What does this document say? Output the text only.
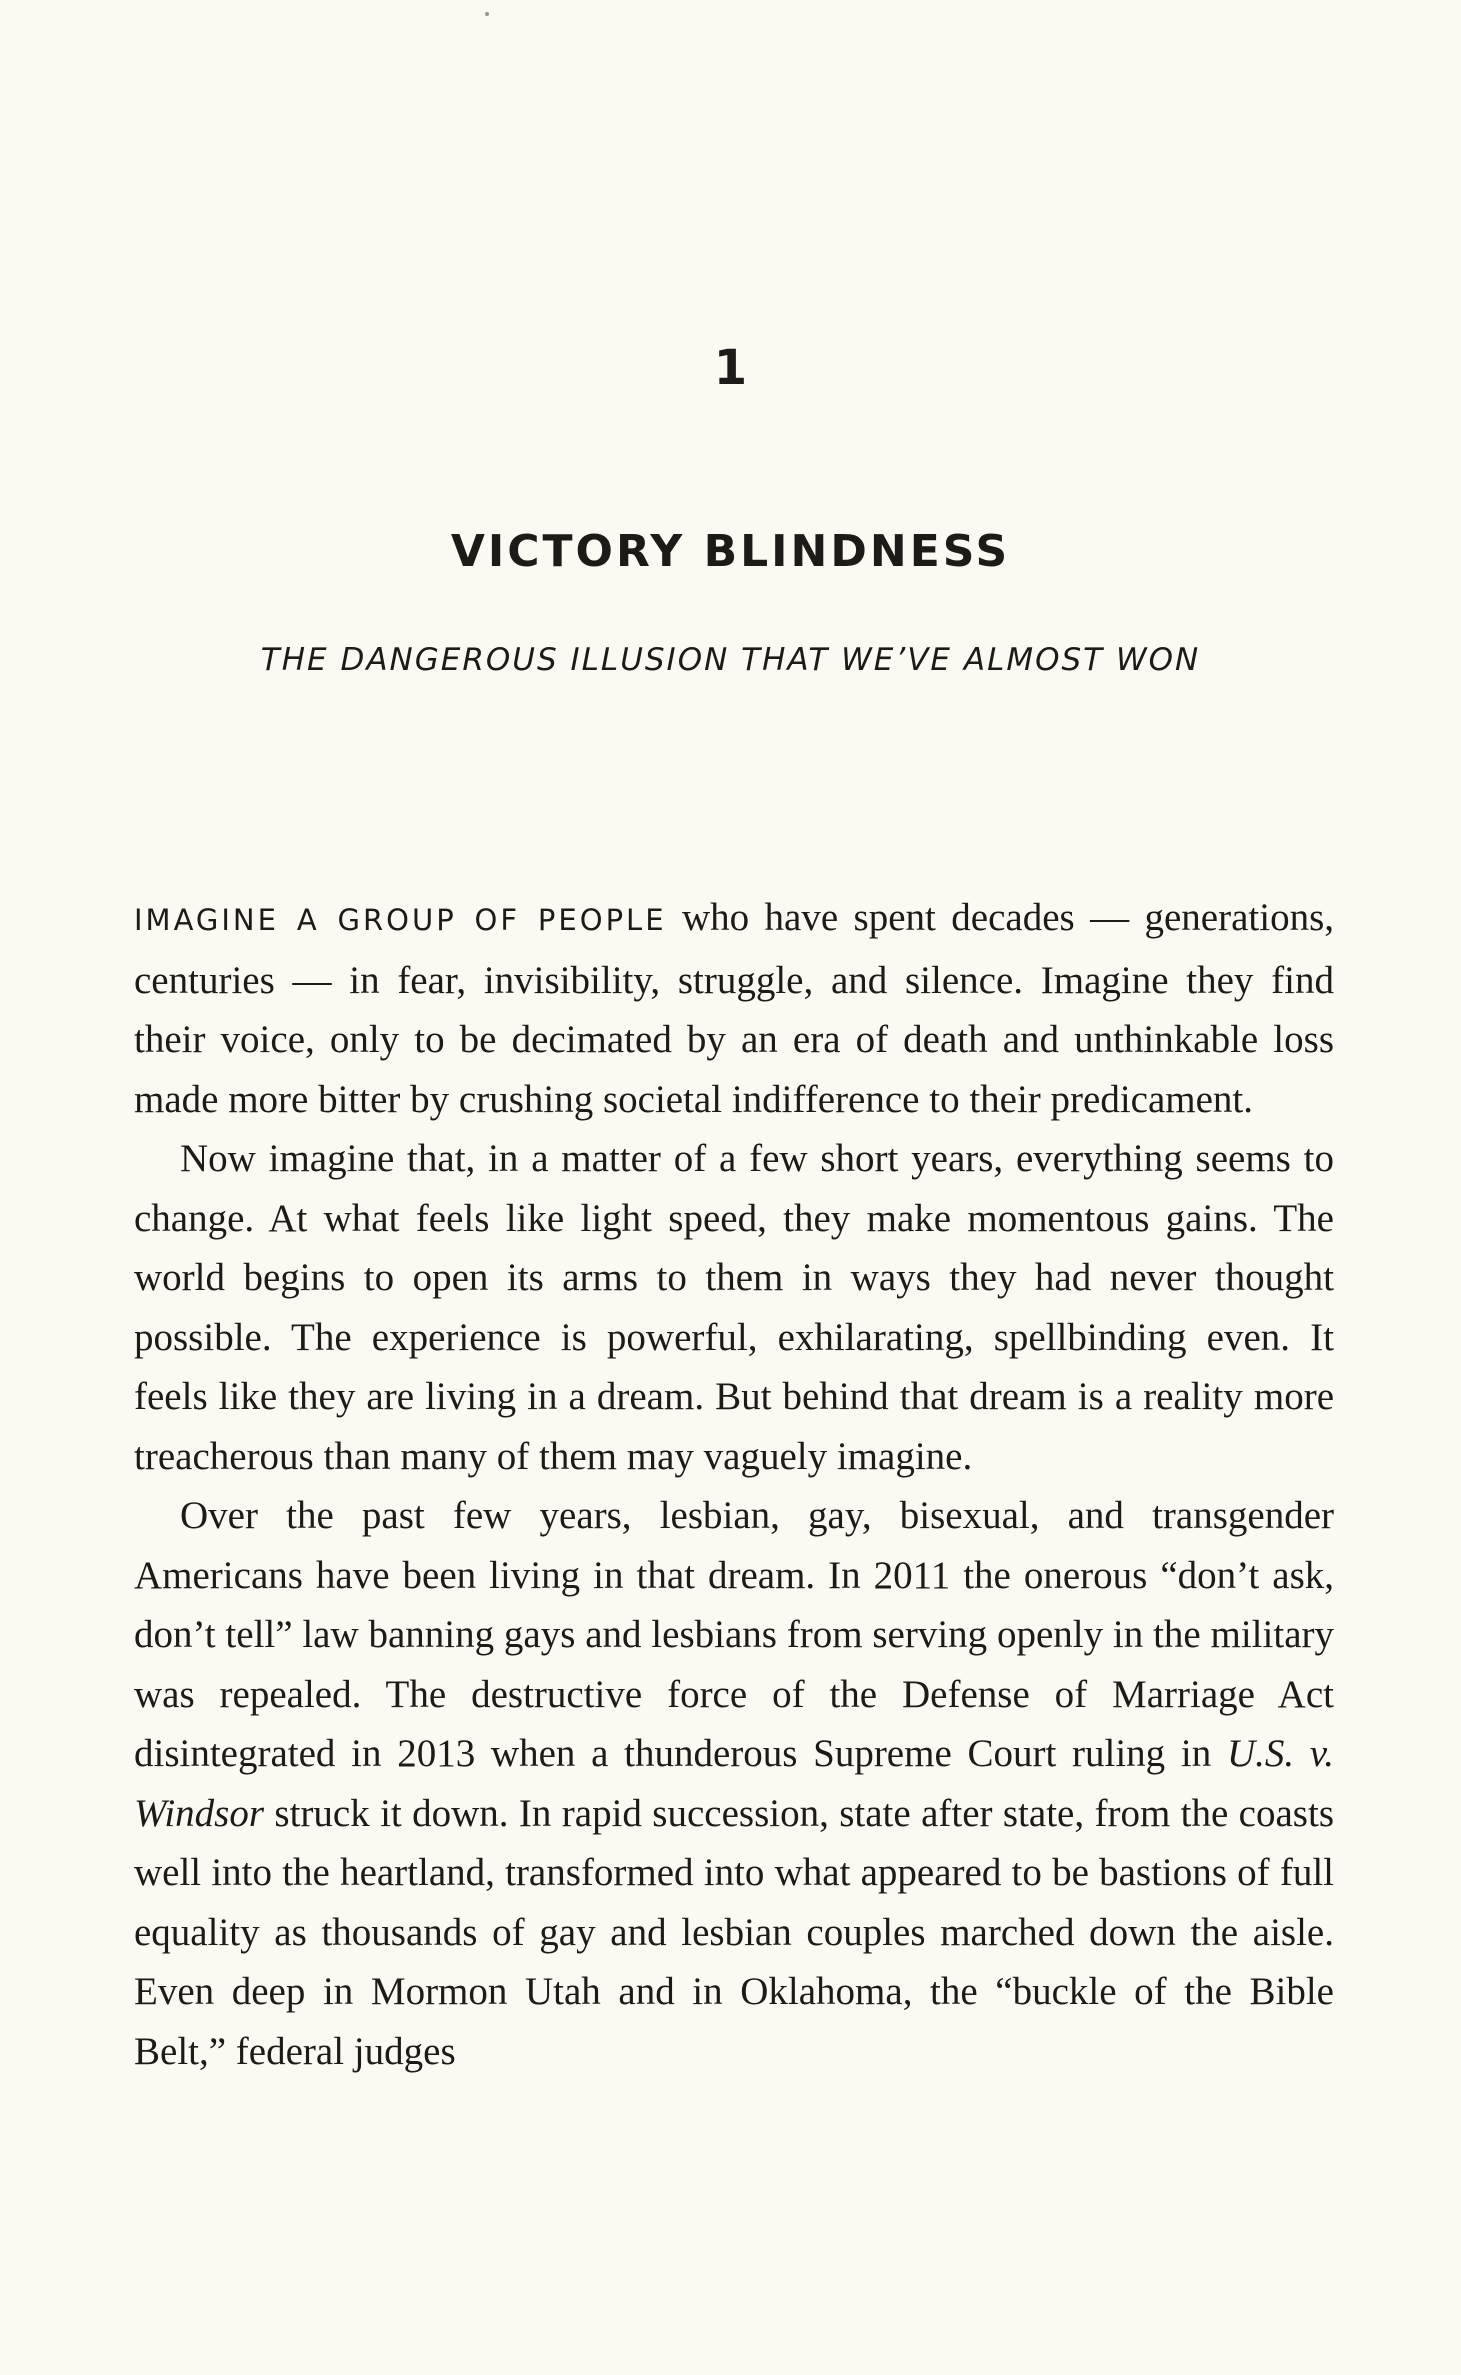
1
VICTORY BLINDNESS
THE DANGEROUS ILLUSION THAT WE’VE ALMOST WON

IMAGINE A GROUP OF PEOPLE who have spent decades — generations, centuries — in fear, invisibility, struggle, and silence. Imagine they find their voice, only to be decimated by an era of death and unthinkable loss made more bitter by crushing societal indifference to their predicament.

Now imagine that, in a matter of a few short years, everything seems to change. At what feels like light speed, they make momentous gains. The world begins to open its arms to them in ways they had never thought possible. The experience is powerful, exhilarating, spellbinding even. It feels like they are living in a dream. But behind that dream is a reality more treacherous than many of them may vaguely imagine.

Over the past few years, lesbian, gay, bisexual, and transgender Americans have been living in that dream. In 2011 the onerous “don’t ask, don’t tell” law banning gays and lesbians from serving openly in the military was repealed. The destructive force of the Defense of Marriage Act disintegrated in 2013 when a thunderous Supreme Court ruling in U.S. v. Windsor struck it down. In rapid succession, state after state, from the coasts well into the heartland, transformed into what appeared to be bastions of full equality as thousands of gay and lesbian couples marched down the aisle. Even deep in Mormon Utah and in Oklahoma, the “buckle of the Bible Belt,” federal judges
